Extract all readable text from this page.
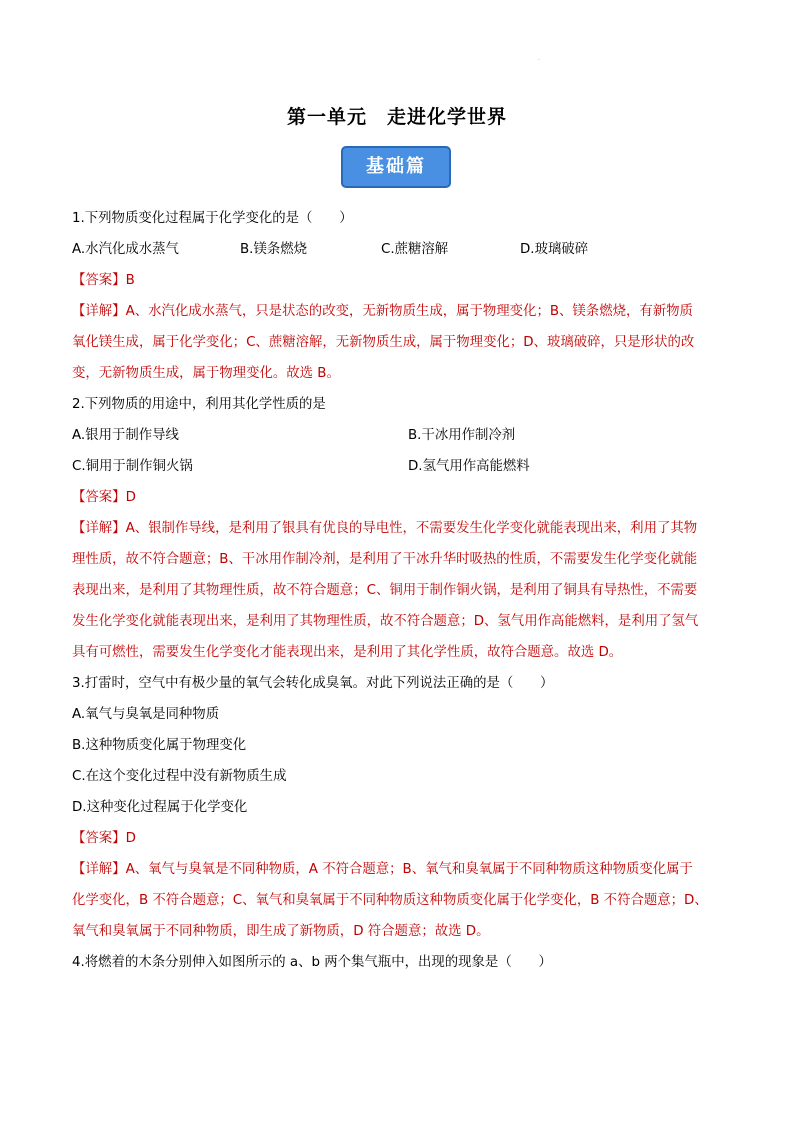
·
第一单元　走进化学世界
基础篇
1.下列物质变化过程属于化学变化的是（　　）
A.水汽化成水蒸气	B.镁条燃烧	C.蔗糖溶解	D.玻璃破碎
【答案】B
【详解】A、水汽化成水蒸气，只是状态的改变，无新物质生成，属于物理变化；B、镁条燃烧，有新物质
氧化镁生成，属于化学变化；C、蔗糖溶解，无新物质生成，属于物理变化；D、玻璃破碎，只是形状的改
变，无新物质生成，属于物理变化。故选 B。
2.下列物质的用途中，利用其化学性质的是
A.银用于制作导线	B.干冰用作制冷剂
C.铜用于制作铜火锅	D.氢气用作高能燃料
【答案】D
【详解】A、银制作导线，是利用了银具有优良的导电性，不需要发生化学变化就能表现出来，利用了其物
理性质，故不符合题意；B、干冰用作制冷剂，是利用了干冰升华时吸热的性质，不需要发生化学变化就能
表现出来，是利用了其物理性质，故不符合题意；C、铜用于制作铜火锅，是利用了铜具有导热性，不需要
发生化学变化就能表现出来，是利用了其物理性质，故不符合题意；D、氢气用作高能燃料，是利用了氢气
具有可燃性，需要发生化学变化才能表现出来，是利用了其化学性质，故符合题意。故选 D。
3.打雷时，空气中有极少量的氧气会转化成臭氧。对此下列说法正确的是（　　）
A.氧气与臭氧是同种物质
B.这种物质变化属于物理变化
C.在这个变化过程中没有新物质生成
D.这种变化过程属于化学变化
【答案】D
【详解】A、氧气与臭氧是不同种物质，A 不符合题意；B、氧气和臭氧属于不同种物质这种物质变化属于
化学变化，B 不符合题意；C、氧气和臭氧属于不同种物质这种物质变化属于化学变化，B 不符合题意；D、
氧气和臭氧属于不同种物质，即生成了新物质，D 符合题意；故选 D。
4.将燃着的木条分别伸入如图所示的 a、b 两个集气瓶中，出现的现象是（　　）
